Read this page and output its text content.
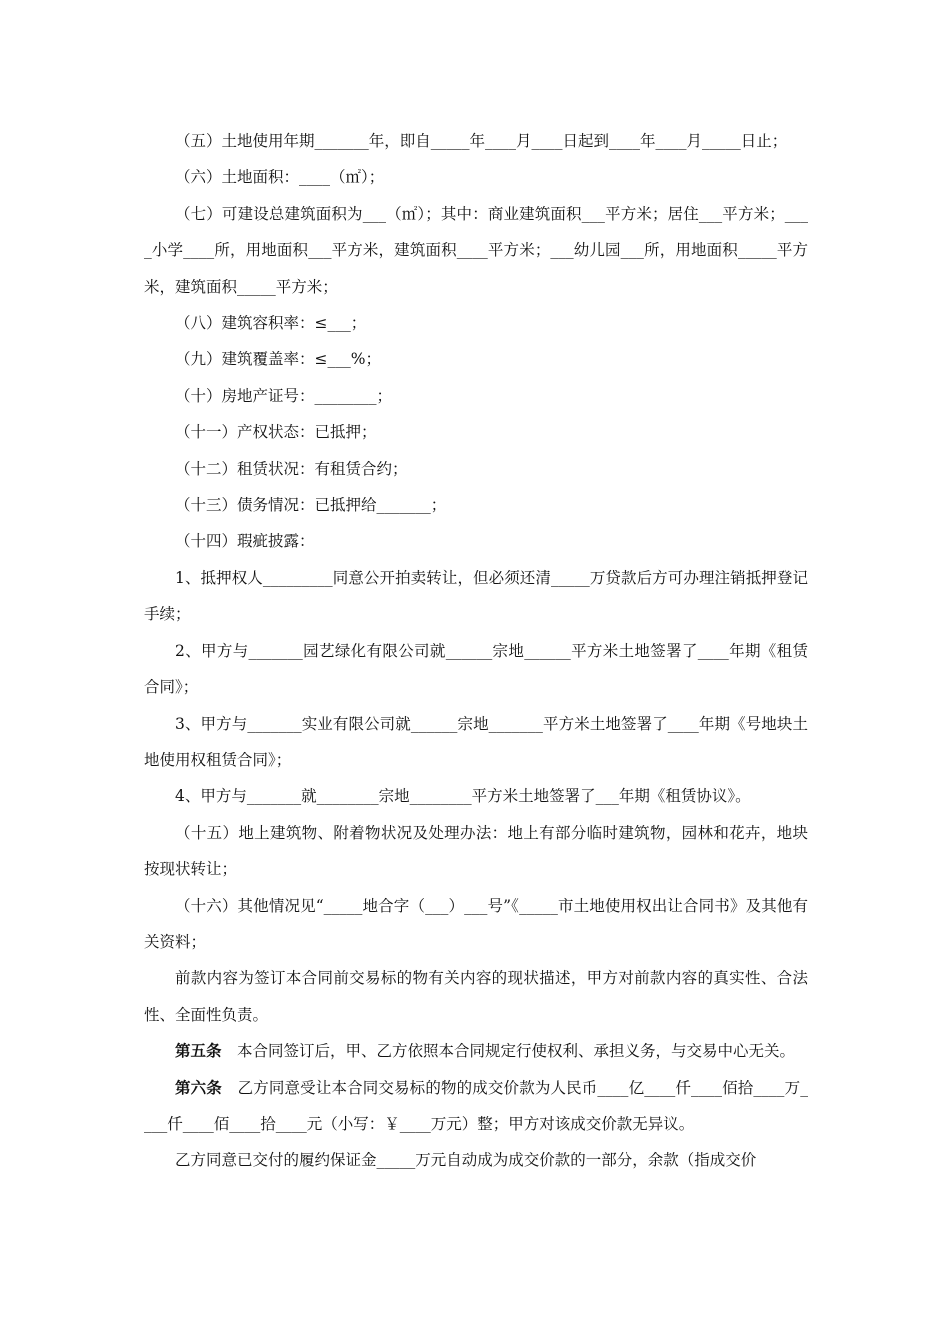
（五）土地使用年期_______年，即自_____年____月____日起到____年____月_____日止；

（六）土地面积：____（㎡）；

（七）可建设总建筑面积为___（㎡）；其中：商业建筑面积___平方米；居住___平方米；____小学____所，用地面积___平方米，建筑面积____平方米；___幼儿园___所，用地面积_____平方米，建筑面积_____平方米；

（八）建筑容积率：≤___；

（九）建筑覆盖率：≤___%；

（十）房地产证号：________；

（十一）产权状态：已抵押；

（十二）租赁状况：有租赁合约；

（十三）债务情况：已抵押给_______；

（十四）瑕疵披露：

1、抵押权人_________同意公开拍卖转让，但必须还清_____万贷款后方可办理注销抵押登记手续；

2、甲方与_______园艺绿化有限公司就______宗地______平方米土地签署了____年期《租赁合同》；

3、甲方与_______实业有限公司就______宗地_______平方米土地签署了____年期《号地块土地使用权租赁合同》；

4、甲方与_______就________宗地________平方米土地签署了___年期《租赁协议》。

（十五）地上建筑物、附着物状况及处理办法：地上有部分临时建筑物，园林和花卉，地块按现状转让；

（十六）其他情况见“_____地合字（___）___号”《_____市土地使用权出让合同书》及其他有关资料；

前款内容为签订本合同前交易标的物有关内容的现状描述，甲方对前款内容的真实性、合法性、全面性负责。

第五条　 本合同签订后，甲、乙方依照本合同规定行使权利、承担义务，与交易中心无关。

第六条　 乙方同意受让本合同交易标的物的成交价款为人民币____亿____仟____佰拾____万____仟____佰____拾____元（小写：￥____万元）整；甲方对该成交价款无异议。

乙方同意已交付的履约保证金_____万元自动成为成交价款的一部分，余款（指成交价
